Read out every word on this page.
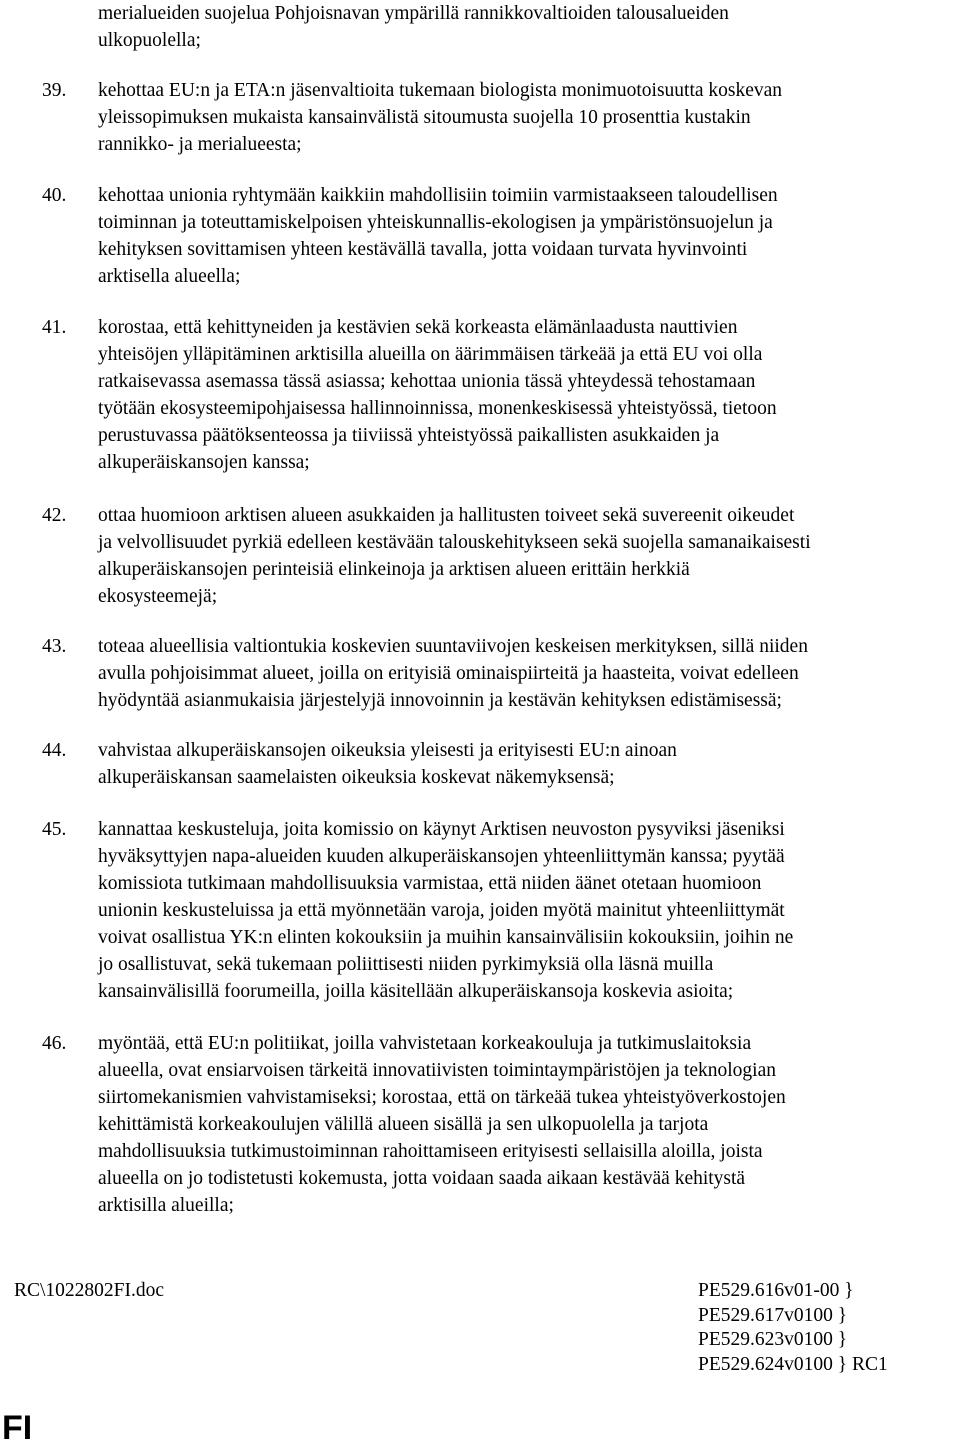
merialueiden suojelua Pohjoisnavan ympärillä rannikkovaltioiden talousalueiden
ulkopuolella;
39. kehottaa EU:n ja ETA:n jäsenvaltioita tukemaan biologista monimuotoisuutta koskevan
yleissopimuksen mukaista kansainvälistä sitoumusta suojella 10 prosenttia kustakin
rannikko- ja merialueesta;
40. kehottaa unionia ryhtymään kaikkiin mahdollisiin toimiin varmistaakseen taloudellisen
toiminnan ja toteuttamiskelpoisen yhteiskunnallis-ekologisen ja ympäristönsuojelun ja
kehityksen sovittamisen yhteen kestävällä tavalla, jotta voidaan turvata hyvinvointi
arktisella alueella;
41. korostaa, että kehittyneiden ja kestävien sekä korkeasta elämänlaadusta nauttivien
yhteisöjen ylläpitäminen arktisilla alueilla on äärimmäisen tärkeää ja että EU voi olla
ratkaisevassa asemassa tässä asiassa; kehottaa unionia tässä yhteydessä tehostamaan
työtään ekosysteemipohjaisessa hallinnoinnissa, monenkeskisessä yhteistyössä, tietoon
perustuvassa päätöksenteossa ja tiiviissä yhteistyössä paikallisten asukkaiden ja
alkuperäiskansojen kanssa;
42. ottaa huomioon arktisen alueen asukkaiden ja hallitusten toiveet sekä suvereenit oikeudet
ja velvollisuudet pyrkiä edelleen kestävään talouskehitykseen sekä suojella samanaikaisesti
alkuperäiskansojen perinteisiä elinkeinoja ja arktisen alueen erittäin herkkiä
ekosysteemejä;
43. toteaa alueellisia valtiontukia koskevien suuntaviivojen keskeisen merkityksen, sillä niiden
avulla pohjoisimmat alueet, joilla on erityisiä ominaispiirteitä ja haasteita, voivat edelleen
hyödyntää asianmukaisia järjestelyjä innovoinnin ja kestävän kehityksen edistämisessä;
44. vahvistaa alkuperäiskansojen oikeuksia yleisesti ja erityisesti EU:n ainoan
alkuperäiskansan saamelaisten oikeuksia koskevat näkemyksensä;
45. kannattaa keskusteluja, joita komissio on käynyt Arktisen neuvoston pysyviksi jäseniksi
hyväksyttyjen napa-alueiden kuuden alkuperäiskansojen yhteenliittymän kanssa; pyytää
komissiota tutkimaan mahdollisuuksia varmistaa, että niiden äänet otetaan huomioon
unionin keskusteluissa ja että myönnetään varoja, joiden myötä mainitut yhteenliittymät
voivat osallistua YK:n elinten kokouksiin ja muihin kansainvälisiin kokouksiin, joihin ne
jo osallistuvat, sekä tukemaan poliittisesti niiden pyrkimyksiä olla läsnä muilla
kansainvälisillä foorumeilla, joilla käsitellään alkuperäiskansoja koskevia asioita;
46. myöntää, että EU:n politiikat, joilla vahvistetaan korkeakouluja ja tutkimuslaitoksia
alueella, ovat ensiarvoisen tärkeitä innovatiivisten toimintaympäristöjen ja teknologian
siirtomekanismien vahvistamiseksi; korostaa, että on tärkeää tukea yhteistyöverkostojen
kehittämistä korkeakoulujen välillä alueen sisällä ja sen ulkopuolella ja tarjota
mahdollisuuksia tutkimustoiminnan rahoittamiseen erityisesti sellaisilla aloilla, joista
alueella on jo todistetusti kokemusta, jotta voidaan saada aikaan kestävää kehitystä
arktisilla alueilla;
RC\1022802FI.doc	PE529.616v01-00 }
PE529.617v0100 }
PE529.623v0100 }
PE529.624v0100 } RC1
FI
